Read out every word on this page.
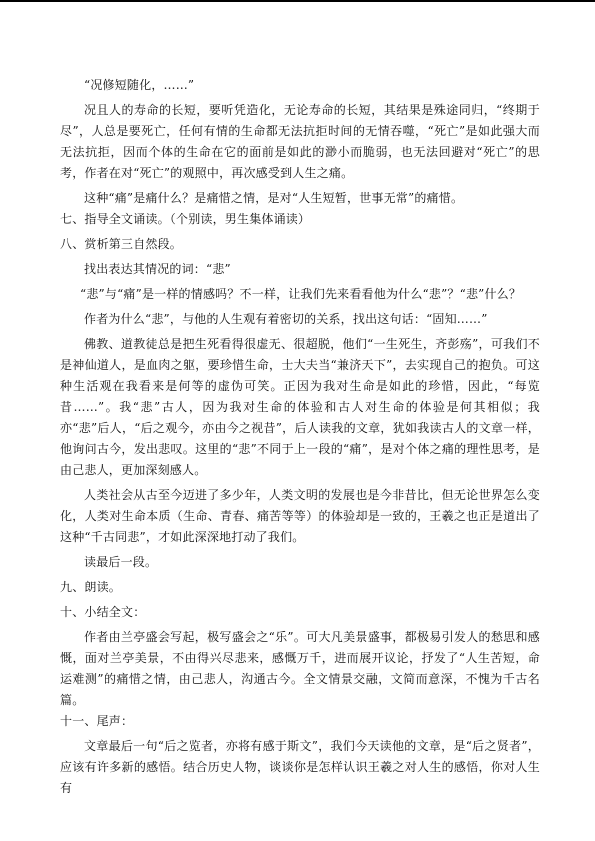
“况修短随化，……”

况且人的寿命的长短，要听凭造化，无论寿命的长短，其结果是殊途同归，“终期于尽”，人总是要死亡，任何有情的生命都无法抗拒时间的无情吞噬，“死亡”是如此强大而无法抗拒，因而个体的生命在它的面前是如此的渺小而脆弱，也无法回避对“死亡”的思考，作者在对“死亡”的观照中，再次感受到人生之痛。

这种“痛”是痛什么？是痛惜之情，是对“人生短暂，世事无常”的痛惜。

七、指导全文诵读。（个别读，男生集体诵读）

八、赏析第三自然段。

找出表达其情况的词：“悲”

“悲”与“痛”是一样的情感吗？不一样，让我们先来看看他为什么“悲”？“悲”什么？

作者为什么“悲”，与他的人生观有着密切的关系，找出这句话：“固知……”

佛教、道教徒总是把生死看得很虚无、很超脱，他们“一生死生，齐彭殇”，可我们不是神仙道人，是血肉之躯，要珍惜生命，士大夫当“兼济天下”，去实现自己的抱负。可这种生活观在我看来是何等的虚伪可笑。正因为我对生命是如此的珍惜，因此，“每览昔……”。我“悲”古人，因为我对生命的体验和古人对生命的体验是何其相似；我亦“悲”后人，“后之观今，亦由今之视昔”，后人读我的文章，犹如我读古人的文章一样，他询问古今，发出悲叹。这里的“悲”不同于上一段的“痛”，是对个体之痛的理性思考，是由己悲人，更加深刻感人。

人类社会从古至今迈进了多少年，人类文明的发展也是今非昔比，但无论世界怎么变化，人类对生命本质（生命、青春、痛苦等等）的体验却是一致的，王羲之也正是道出了这种“千古同悲”，才如此深深地打动了我们。

读最后一段。

九、朗读。

十、小结全文：

作者由兰亭盛会写起，极写盛会之“乐”。可大凡美景盛事，都极易引发人的愁思和感慨，面对兰亭美景，不由得兴尽悲来，感慨万千，进而展开议论，抒发了“人生苦短，命运难测”的痛惜之情，由己悲人，沟通古今。全文情景交融，文简而意深，不愧为千古名篇。

十一、尾声：

文章最后一句“后之览者，亦将有感于斯文”，我们今天读他的文章，是“后之贤者”，应该有许多新的感悟。结合历史人物，谈谈你是怎样认识王羲之对人生的感悟，你对人生有
